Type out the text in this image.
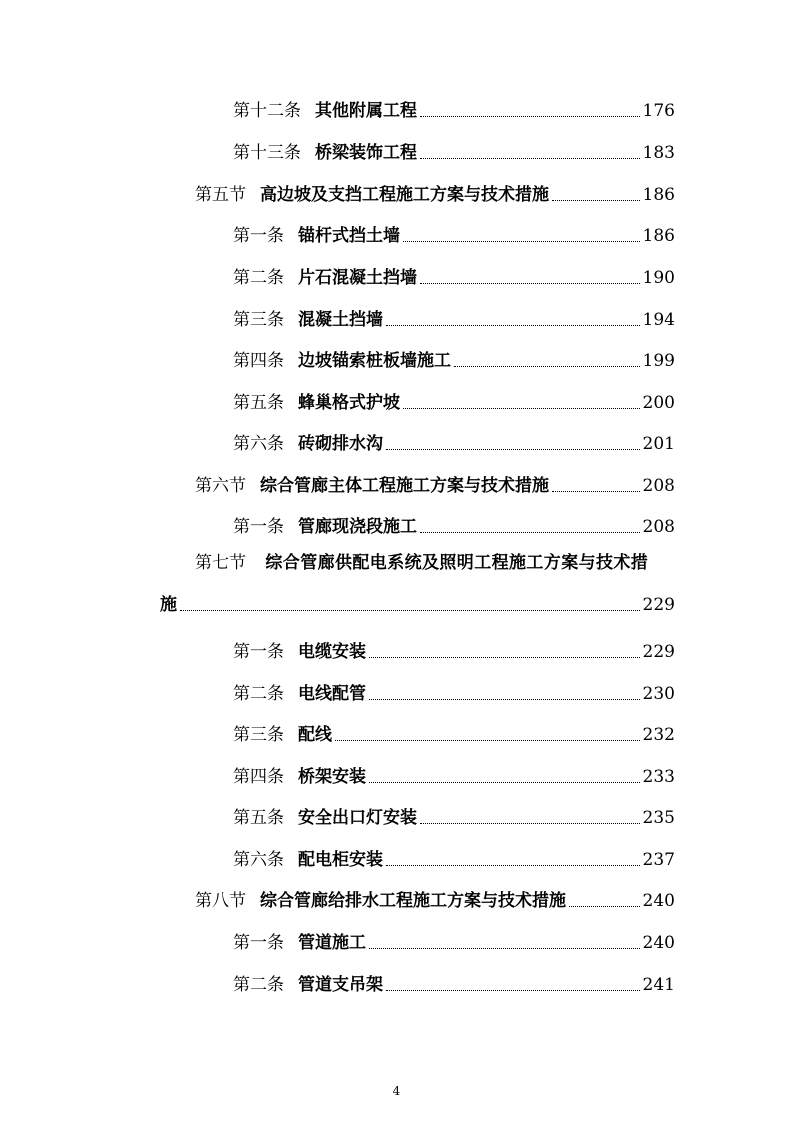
第十二条 其他附属工程	176
第十三条 桥梁装饰工程	183
第五节 高边坡及支挡工程施工方案与技术措施	186
第一条 锚杆式挡土墙	186
第二条 片石混凝土挡墙	190
第三条 混凝土挡墙	194
第四条 边坡锚索桩板墙施工	199
第五条 蜂巢格式护坡	200
第六条 砖砌排水沟	201
第六节 综合管廊主体工程施工方案与技术措施	208
第一条 管廊现浇段施工	208
第七节 综合管廊供配电系统及照明工程施工方案与技术措
施	229
第一条 电缆安装	229
第二条 电线配管	230
第三条 配线	232
第四条 桥架安装	233
第五条 安全出口灯安装	235
第六条 配电柜安装	237
第八节 综合管廊给排水工程施工方案与技术措施	240
第一条 管道施工	240
第二条 管道支吊架	241
4
